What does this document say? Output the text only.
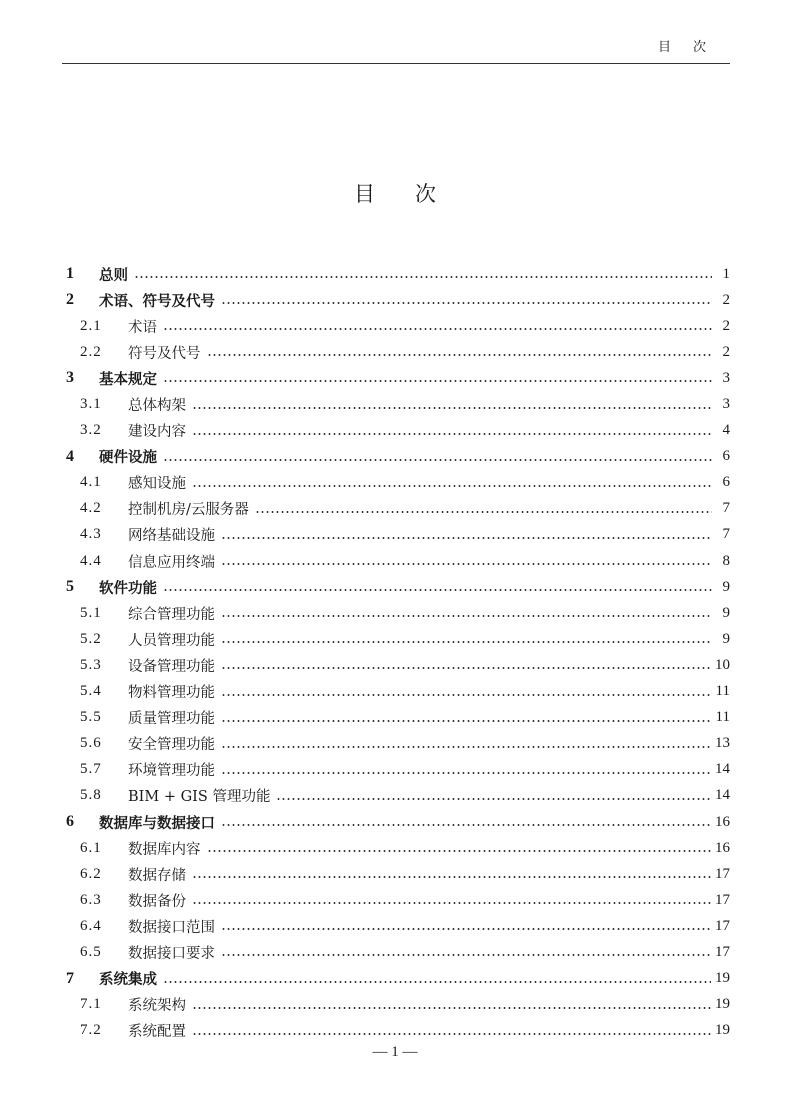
目次
目次
1	总则	1
2	术语、符号及代号	2
2.1	术语	2
2.2	符号及代号	2
3	基本规定	3
3.1	总体构架	3
3.2	建设内容	4
4	硬件设施	6
4.1	感知设施	6
4.2	控制机房/云服务器	7
4.3	网络基础设施	7
4.4	信息应用终端	8
5	软件功能	9
5.1	综合管理功能	9
5.2	人员管理功能	9
5.3	设备管理功能	10
5.4	物料管理功能	11
5.5	质量管理功能	11
5.6	安全管理功能	13
5.7	环境管理功能	14
5.8	BIM + GIS 管理功能	14
6	数据库与数据接口	16
6.1	数据库内容	16
6.2	数据存储	17
6.3	数据备份	17
6.4	数据接口范围	17
6.5	数据接口要求	17
7	系统集成	19
7.1	系统架构	19
7.2	系统配置	19
— 1 —
